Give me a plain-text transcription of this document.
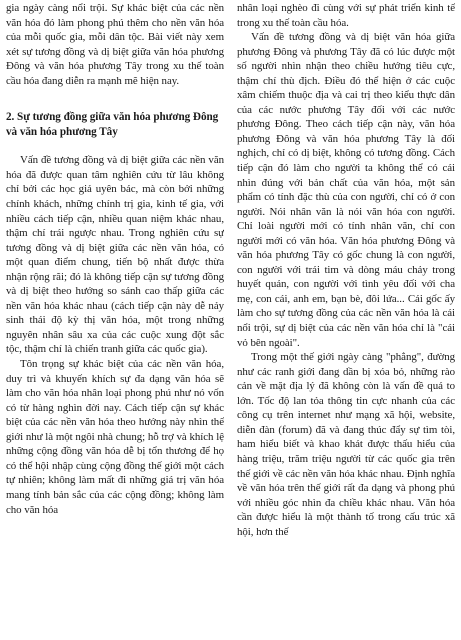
gia ngày càng nổi trội. Sự khác biệt của các nền văn hóa đó làm phong phú thêm cho nền văn hóa của mỗi quốc gia, mỗi dân tộc. Bài viết này xem xét sự tương đồng và dị biệt giữa văn hóa phương Đông và văn hóa phương Tây trong xu thế toàn cầu hóa đang diễn ra mạnh mẽ hiện nay.

2. Sự tương đồng giữa văn hóa phương Đông và văn hóa phương Tây

Vấn đề tương đồng và dị biệt giữa các nền văn hóa đã được quan tâm nghiên cứu từ lâu không chỉ bởi các học giả uyên bác, mà còn bởi những chính khách, những chính trị gia, kinh tế gia, với nhiều cách tiếp cận, nhiều quan niệm khác nhau, thậm chí trái ngược nhau. Trong nghiên cứu sự tương đồng và dị biệt giữa các nền văn hóa, có một quan điểm chung, tiến bộ nhất được thừa nhận rộng rãi; đó là không tiếp cận sự tương đồng và dị biệt theo hướng so sánh cao thấp giữa các nền văn hóa khác nhau (cách tiếp cận này dễ nảy sinh thái độ kỳ thị văn hóa, một trong những nguyên nhân sâu xa của các cuộc xung đột sắc tộc, thậm chí là chiến tranh giữa các quốc gia).

Tôn trọng sự khác biệt của các nền văn hóa, duy trì và khuyến khích sự đa dạng văn hóa sẽ làm cho văn hóa nhân loại phong phú như nó vốn có từ hàng nghìn đời nay. Cách tiếp cận sự khác biệt của các nền văn hóa theo hướng này nhìn thế giới như là một ngôi nhà chung; hỗ trợ và khích lệ những cộng đồng văn hóa dễ bị tổn thương để họ có thể hội nhập cùng cộng đồng thế giới một cách tự nhiên; không làm mất đi những giá trị văn hóa mang tính bản sắc của các cộng đồng; không làm cho văn hóa

nhân loại nghèo đi cùng với sự phát triển kinh tế trong xu thế toàn cầu hóa.

Vấn đề tương đồng và dị biệt văn hóa giữa phương Đông và phương Tây đã có lúc được một số người nhìn nhận theo chiều hướng tiêu cực, thậm chí thù địch. Điều đó thể hiện ở các cuộc xâm chiếm thuộc địa và cai trị theo kiểu thực dân của các nước phương Tây đối với các nước phương Đông. Theo cách tiếp cận này, văn hóa phương Đông và văn hóa phương Tây là đối nghịch, chỉ có dị biệt, không có tương đồng. Cách tiếp cận đó làm cho người ta không thể có cái nhìn đúng với bản chất của văn hóa, một sản phẩm có tính đặc thù của con người, chỉ có ở con người. Nói nhân văn là nói văn hóa con người. Chỉ loài người mới có tính nhân văn, chỉ con người mới có văn hóa. Văn hóa phương Đông và văn hóa phương Tây có gốc chung là con người, con người với trái tim và dòng máu chảy trong huyết quản, con người với tình yêu đối với cha mẹ, con cái, anh em, bạn bè, đôi lứa... Cái gốc ấy làm cho sự tương đồng của các nền văn hóa là cái nổi trội, sự dị biệt của các nền văn hóa chỉ là "cái vỏ bên ngoài".

Trong một thế giới ngày càng "phẳng", đường như các ranh giới đang dần bị xóa bỏ, những rào cản về mặt địa lý đã không còn là vấn đề quá to lớn. Tốc độ lan tỏa thông tin cực nhanh của các công cụ trên internet như mạng xã hội, website, diễn đàn (forum) đã và đang thúc đẩy sự tìm tòi, ham hiểu biết và khao khát được thấu hiểu của hàng triệu, trăm triệu người từ các quốc gia trên thế giới về các nền văn hóa khác nhau. Định nghĩa về văn hóa trên thế giới rất đa dạng và phong phú với nhiều góc nhìn đa chiều khác nhau. Văn hóa cần được hiểu là một thành tố trong cấu trúc xã hội, hơn thế
